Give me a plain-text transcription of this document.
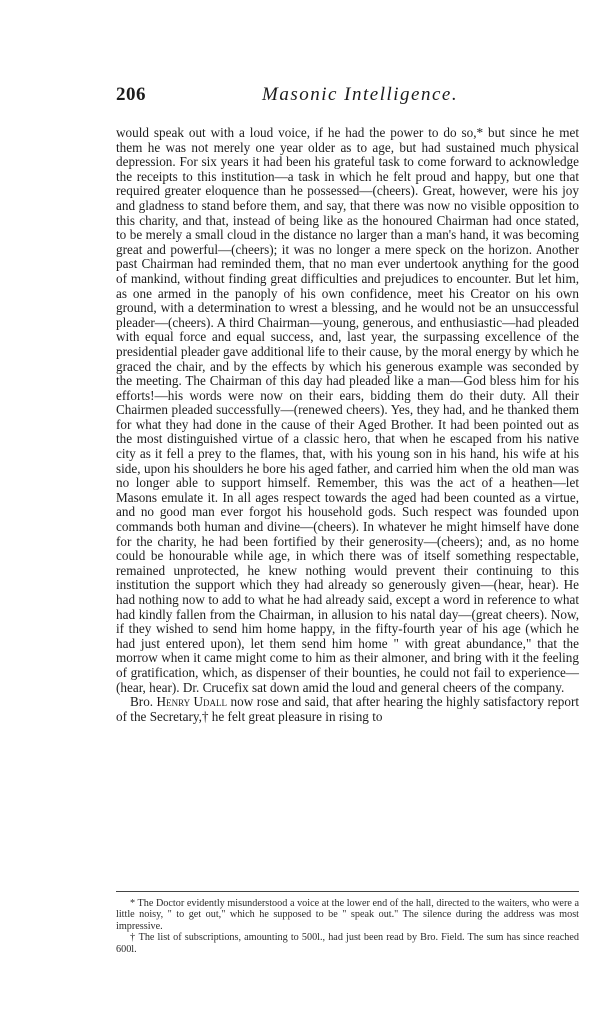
206	Masonic Intelligence.

would speak out with a loud voice, if he had the power to do so,* but since he met them he was not merely one year older as to age, but had sustained much physical depression. For six years it had been his grateful task to come forward to acknowledge the receipts to this institution—a task in which he felt proud and happy, but one that required greater eloquence than he possessed—(cheers). Great, however, were his joy and gladness to stand before them, and say, that there was now no visible opposition to this charity, and that, instead of being like as the honoured Chairman had once stated, to be merely a small cloud in the distance no larger than a man's hand, it was becoming great and powerful—(cheers); it was no longer a mere speck on the horizon. Another past Chairman had reminded them, that no man ever undertook anything for the good of mankind, without finding great difficulties and prejudices to encounter. But let him, as one armed in the panoply of his own confidence, meet his Creator on his own ground, with a determination to wrest a blessing, and he would not be an unsuccessful pleader—(cheers). A third Chairman—young, generous, and enthusiastic—had pleaded with equal force and equal success, and, last year, the surpassing excellence of the presidential pleader gave additional life to their cause, by the moral energy by which he graced the chair, and by the effects by which his generous example was seconded by the meeting. The Chairman of this day had pleaded like a man—God bless him for his efforts!—his words were now on their ears, bidding them do their duty. All their Chairmen pleaded successfully—(renewed cheers). Yes, they had, and he thanked them for what they had done in the cause of their Aged Brother. It had been pointed out as the most distinguished virtue of a classic hero, that when he escaped from his native city as it fell a prey to the flames, that, with his young son in his hand, his wife at his side, upon his shoulders he bore his aged father, and carried him when the old man was no longer able to support himself. Remember, this was the act of a heathen—let Masons emulate it. In all ages respect towards the aged had been counted as a virtue, and no good man ever forgot his household gods. Such respect was founded upon commands both human and divine—(cheers). In whatever he might himself have done for the charity, he had been fortified by their generosity—(cheers); and, as no home could be honourable while age, in which there was of itself something respectable, remained unprotected, he knew nothing would prevent their continuing to this institution the support which they had already so generously given—(hear, hear). He had nothing now to add to what he had already said, except a word in reference to what had kindly fallen from the Chairman, in allusion to his natal day—(great cheers). Now, if they wished to send him home happy, in the fifty-fourth year of his age (which he had just entered upon), let them send him home " with great abundance," that the morrow when it came might come to him as their almoner, and bring with it the feeling of gratification, which, as dispenser of their bounties, he could not fail to experience—(hear, hear). Dr. Crucefix sat down amid the loud and general cheers of the company.

Bro. Henry Udall now rose and said, that after hearing the highly satisfactory report of the Secretary,† he felt great pleasure in rising to

* The Doctor evidently misunderstood a voice at the lower end of the hall, directed to the waiters, who were a little noisy, " to get out," which he supposed to be " speak out." The silence during the address was most impressive.

† The list of subscriptions, amounting to 500l., had just been read by Bro. Field. The sum has since reached 600l.
